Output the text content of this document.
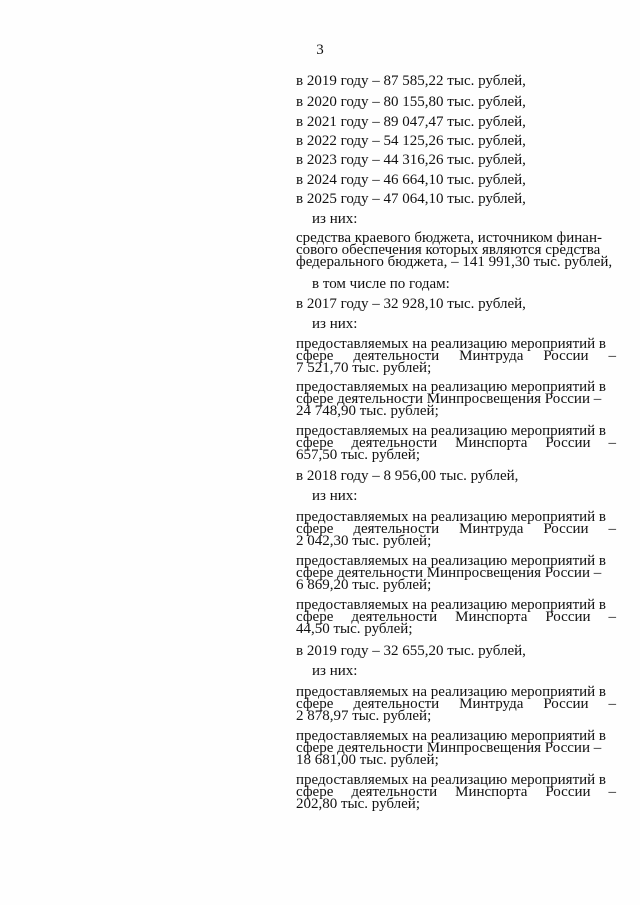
3
в 2019 году – 87 585,22 тыс. рублей,
в 2020 году – 80 155,80 тыс. рублей,
в 2021 году – 89 047,47 тыс. рублей,
в 2022 году – 54 125,26 тыс. рублей,
в 2023 году – 44 316,26 тыс. рублей,
в 2024 году – 46 664,10 тыс. рублей,
в 2025 году – 47 064,10 тыс. рублей,
из них:
средства краевого бюджета, источником финан-
сового обеспечения которых являются средства
федерального бюджета, – 141 991,30 тыс. рублей,
в том числе по годам:
в 2017 году – 32 928,10 тыс. рублей,
из них:
предоставляемых на реализацию мероприятий в
сфере деятельности Минтруда России –
7 521,70 тыс. рублей;
предоставляемых на реализацию мероприятий в
сфере деятельности Минпросвещения России –
24 748,90 тыс. рублей;
предоставляемых на реализацию мероприятий в
сфере деятельности Минспорта России –
657,50 тыс. рублей;
в 2018 году – 8 956,00 тыс. рублей,
из них:
предоставляемых на реализацию мероприятий в
сфере деятельности Минтруда России –
2 042,30 тыс. рублей;
предоставляемых на реализацию мероприятий в
сфере деятельности Минпросвещения России –
6 869,20 тыс. рублей;
предоставляемых на реализацию мероприятий в
сфере деятельности Минспорта России –
44,50 тыс. рублей;
в 2019 году – 32 655,20 тыс. рублей,
из них:
предоставляемых на реализацию мероприятий в
сфере деятельности Минтруда России –
2 878,97 тыс. рублей;
предоставляемых на реализацию мероприятий в
сфере деятельности Минпросвещения России –
18 681,00 тыс. рублей;
предоставляемых на реализацию мероприятий в
сфере деятельности Минспорта России –
202,80 тыс. рублей;
